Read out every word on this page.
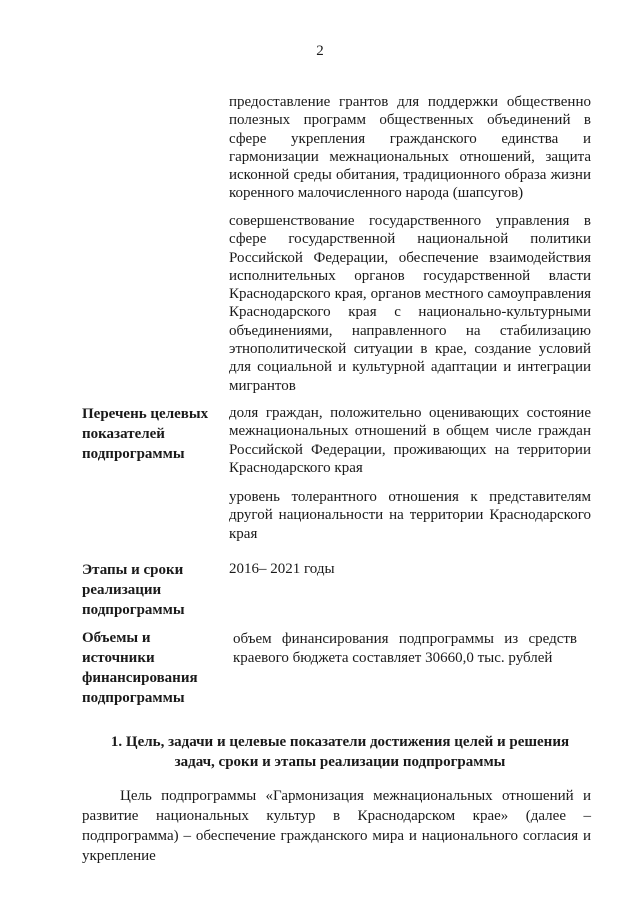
2
предоставление грантов для поддержки общественно полезных программ общественных объединений в сфере укрепления гражданского единства и гармонизации межнациональных отношений, защита исконной среды обитания, традиционного образа жизни коренного малочисленного народа (шапсугов)
совершенствование государственного управления в сфере государственной национальной политики Российской Федерации, обеспечение взаимодействия исполнительных органов государственной власти Краснодарского края, органов местного самоуправления Краснодарского края с национально-культурными объединениями, направленного на стабилизацию этнополитической ситуации в крае, создание условий для социальной и культурной адаптации и интеграции мигрантов
Перечень целевых показателей подпрограммы
доля граждан, положительно оценивающих состояние межнациональных отношений в общем числе граждан Российской Федерации, проживающих на территории Краснодарского края
уровень толерантного отношения к представителям другой национальности на территории Краснодарского края
Этапы и сроки реализации подпрограммы
2016– 2021 годы
Объемы и источники финансирования подпрограммы
объем финансирования подпрограммы из средств краевого бюджета составляет 30660,0 тыс. рублей
1. Цель, задачи и целевые показатели достижения целей и решения задач, сроки и этапы реализации подпрограммы
Цель подпрограммы «Гармонизация межнациональных отношений и развитие национальных культур в Краснодарском крае» (далее – подпрограмма) – обеспечение гражданского мира и национального согласия и укрепление
